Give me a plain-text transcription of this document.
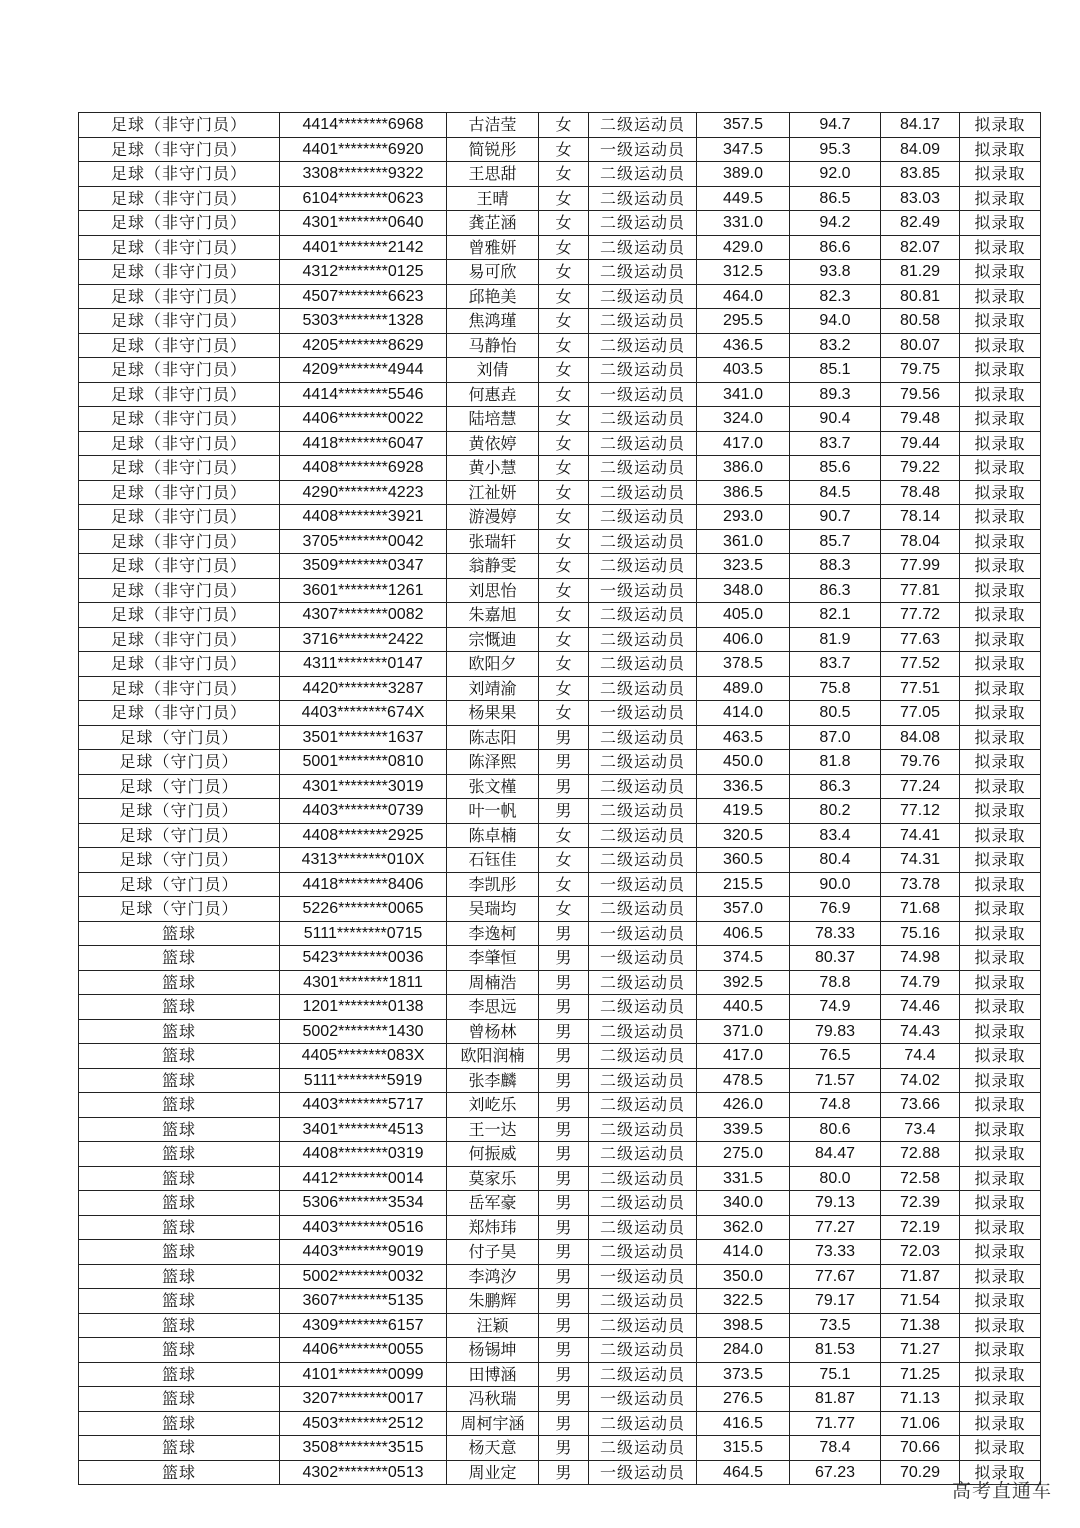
足球（非守门员）	4414********6968	古洁莹	女	二级运动员	357.5	94.7	84.17	拟录取
足球（非守门员）	4401********6920	简锐彤	女	一级运动员	347.5	95.3	84.09	拟录取
足球（非守门员）	3308********9322	王思甜	女	二级运动员	389.0	92.0	83.85	拟录取
足球（非守门员）	6104********0623	王晴	女	二级运动员	449.5	86.5	83.03	拟录取
足球（非守门员）	4301********0640	龚芷涵	女	二级运动员	331.0	94.2	82.49	拟录取
足球（非守门员）	4401********2142	曾雅妍	女	二级运动员	429.0	86.6	82.07	拟录取
足球（非守门员）	4312********0125	易可欣	女	二级运动员	312.5	93.8	81.29	拟录取
足球（非守门员）	4507********6623	邱艳美	女	二级运动员	464.0	82.3	80.81	拟录取
足球（非守门员）	5303********1328	焦鸿瑾	女	二级运动员	295.5	94.0	80.58	拟录取
足球（非守门员）	4205********8629	马静怡	女	二级运动员	436.5	83.2	80.07	拟录取
足球（非守门员）	4209********4944	刘倩	女	二级运动员	403.5	85.1	79.75	拟录取
足球（非守门员）	4414********5546	何惠垚	女	一级运动员	341.0	89.3	79.56	拟录取
足球（非守门员）	4406********0022	陆培慧	女	二级运动员	324.0	90.4	79.48	拟录取
足球（非守门员）	4418********6047	黄依婷	女	二级运动员	417.0	83.7	79.44	拟录取
足球（非守门员）	4408********6928	黄小慧	女	二级运动员	386.0	85.6	79.22	拟录取
足球（非守门员）	4290********4223	江祉妍	女	二级运动员	386.5	84.5	78.48	拟录取
足球（非守门员）	4408********3921	游漫婷	女	二级运动员	293.0	90.7	78.14	拟录取
足球（非守门员）	3705********0042	张瑞轩	女	二级运动员	361.0	85.7	78.04	拟录取
足球（非守门员）	3509********0347	翁静雯	女	二级运动员	323.5	88.3	77.99	拟录取
足球（非守门员）	3601********1261	刘思怡	女	一级运动员	348.0	86.3	77.81	拟录取
足球（非守门员）	4307********0082	朱嘉旭	女	二级运动员	405.0	82.1	77.72	拟录取
足球（非守门员）	3716********2422	宗慨迪	女	二级运动员	406.0	81.9	77.63	拟录取
足球（非守门员）	4311********0147	欧阳夕	女	二级运动员	378.5	83.7	77.52	拟录取
足球（非守门员）	4420********3287	刘靖渝	女	二级运动员	489.0	75.8	77.51	拟录取
足球（非守门员）	4403********674X	杨果果	女	一级运动员	414.0	80.5	77.05	拟录取
足球（守门员）	3501********1637	陈志阳	男	二级运动员	463.5	87.0	84.08	拟录取
足球（守门员）	5001********0810	陈泽熙	男	二级运动员	450.0	81.8	79.76	拟录取
足球（守门员）	4301********3019	张文槿	男	二级运动员	336.5	86.3	77.24	拟录取
足球（守门员）	4403********0739	叶一帆	男	二级运动员	419.5	80.2	77.12	拟录取
足球（守门员）	4408********2925	陈卓楠	女	二级运动员	320.5	83.4	74.41	拟录取
足球（守门员）	4313********010X	石钰佳	女	二级运动员	360.5	80.4	74.31	拟录取
足球（守门员）	4418********8406	李凯彤	女	一级运动员	215.5	90.0	73.78	拟录取
足球（守门员）	5226********0065	吴瑞均	女	二级运动员	357.0	76.9	71.68	拟录取
篮球	5111********0715	李逸柯	男	一级运动员	406.5	78.33	75.16	拟录取
篮球	5423********0036	李肇恒	男	一级运动员	374.5	80.37	74.98	拟录取
篮球	4301********1811	周楠浩	男	二级运动员	392.5	78.8	74.79	拟录取
篮球	1201********0138	李思远	男	二级运动员	440.5	74.9	74.46	拟录取
篮球	5002********1430	曾杨林	男	二级运动员	371.0	79.83	74.43	拟录取
篮球	4405********083X	欧阳润楠	男	二级运动员	417.0	76.5	74.4	拟录取
篮球	5111********5919	张李麟	男	二级运动员	478.5	71.57	74.02	拟录取
篮球	4403********5717	刘屹乐	男	二级运动员	426.0	74.8	73.66	拟录取
篮球	3401********4513	王一达	男	二级运动员	339.5	80.6	73.4	拟录取
篮球	4408********0319	何振威	男	二级运动员	275.0	84.47	72.88	拟录取
篮球	4412********0014	莫家乐	男	二级运动员	331.5	80.0	72.58	拟录取
篮球	5306********3534	岳军豪	男	二级运动员	340.0	79.13	72.39	拟录取
篮球	4403********0516	郑炜玮	男	二级运动员	362.0	77.27	72.19	拟录取
篮球	4403********9019	付子昊	男	二级运动员	414.0	73.33	72.03	拟录取
篮球	5002********0032	李鸿汐	男	一级运动员	350.0	77.67	71.87	拟录取
篮球	3607********5135	朱鹏辉	男	二级运动员	322.5	79.17	71.54	拟录取
篮球	4309********6157	汪颖	男	二级运动员	398.5	73.5	71.38	拟录取
篮球	4406********0055	杨锡坤	男	二级运动员	284.0	81.53	71.27	拟录取
篮球	4101********0099	田博涵	男	二级运动员	373.5	75.1	71.25	拟录取
篮球	3207********0017	冯秋瑞	男	一级运动员	276.5	81.87	71.13	拟录取
篮球	4503********2512	周柯宇涵	男	二级运动员	416.5	71.77	71.06	拟录取
篮球	3508********3515	杨天意	男	二级运动员	315.5	78.4	70.66	拟录取
篮球	4302********0513	周业定	男	一级运动员	464.5	67.23	70.29	拟录取
高考直通车
